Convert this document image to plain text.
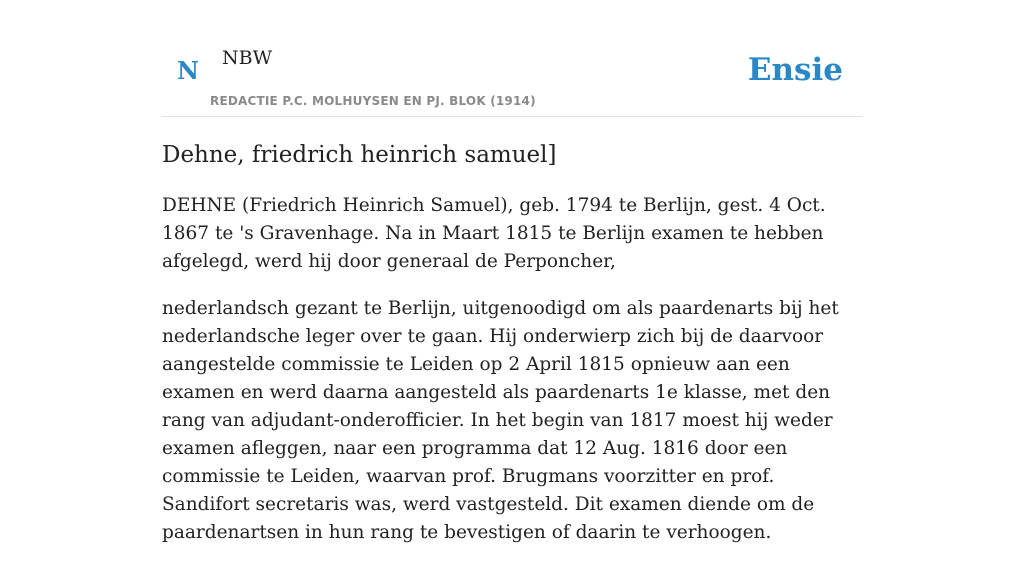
N NBW
REDACTIE P.C. MOLHUYSEN EN PJ. BLOK (1914)
Ensie
Dehne, friedrich heinrich samuel]

DEHNE (Friedrich Heinrich Samuel), geb. 1794 te Berlijn, gest. 4 Oct. 1867 te 's Gravenhage. Na in Maart 1815 te Berlijn examen te hebben afgelegd, werd hij door generaal de Perponcher,

nederlandsch gezant te Berlijn, uitgenoodigd om als paardenarts bij het nederlandsche leger over te gaan. Hij onderwierp zich bij de daarvoor aangestelde commissie te Leiden op 2 April 1815 opnieuw aan een examen en werd daarna aangesteld als paardenarts 1e klasse, met den rang van adjudant-onderofficier. In het begin van 1817 moest hij weder examen afleggen, naar een programma dat 12 Aug. 1816 door een commissie te Leiden, waarvan prof. Brugmans voorzitter en prof. Sandifort secretaris was, werd vastgesteld. Dit examen diende om de paardenartsen in hun rang te bevestigen of daarin te verhoogen.
